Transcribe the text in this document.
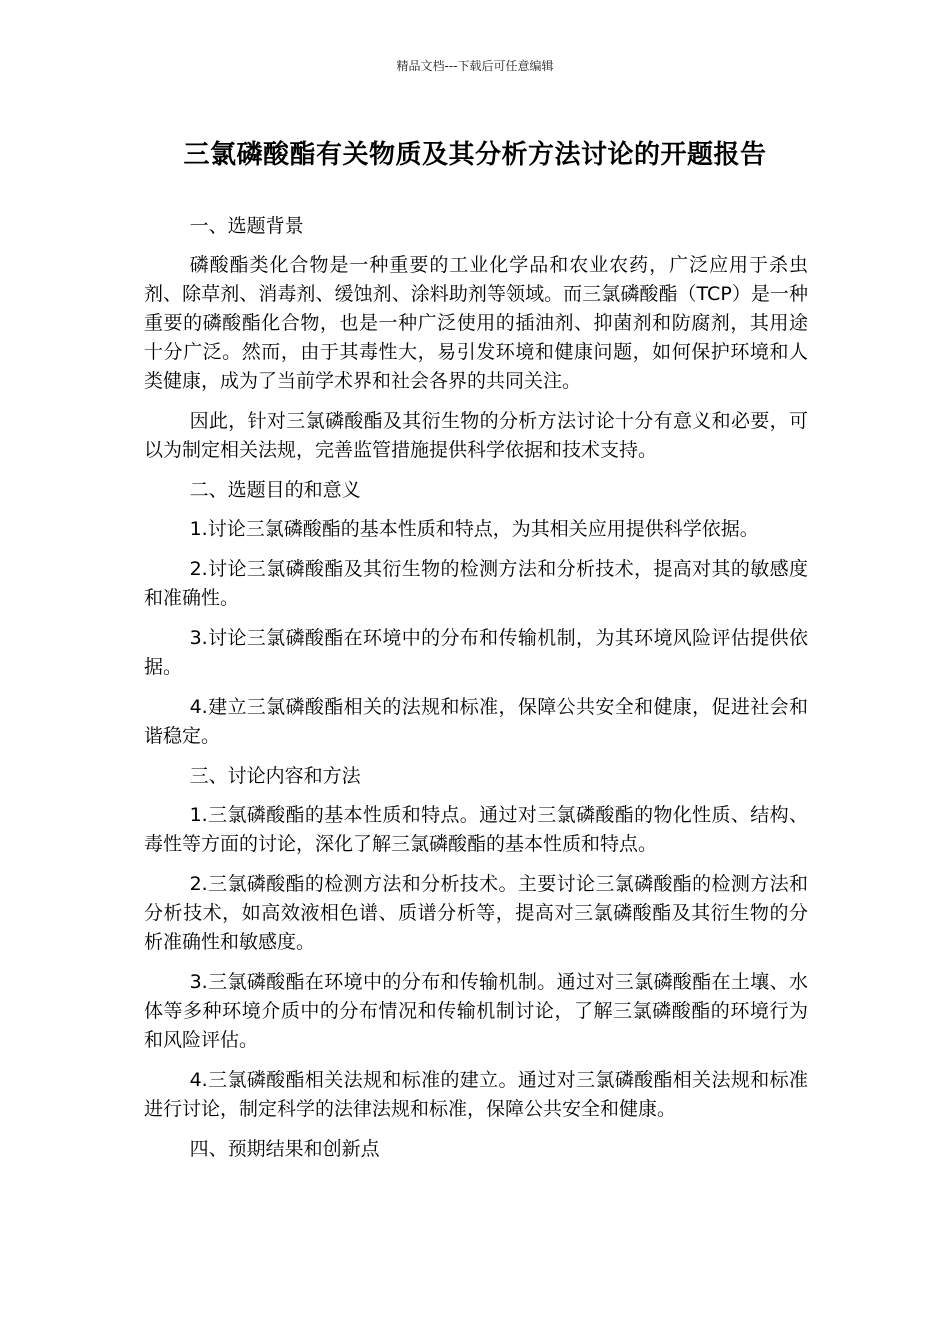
精品文档---下载后可任意编辑
三氯磷酸酯有关物质及其分析方法讨论的开题报告

一、选题背景

磷酸酯类化合物是一种重要的工业化学品和农业农药，广泛应用于杀虫剂、除草剂、消毒剂、缓蚀剂、涂料助剂等领域。而三氯磷酸酯（TCP）是一种重要的磷酸酯化合物，也是一种广泛使用的插油剂、抑菌剂和防腐剂，其用途十分广泛。然而，由于其毒性大，易引发环境和健康问题，如何保护环境和人类健康，成为了当前学术界和社会各界的共同关注。

因此，针对三氯磷酸酯及其衍生物的分析方法讨论十分有意义和必要，可以为制定相关法规，完善监管措施提供科学依据和技术支持。

二、选题目的和意义

1.讨论三氯磷酸酯的基本性质和特点，为其相关应用提供科学依据。

2.讨论三氯磷酸酯及其衍生物的检测方法和分析技术，提高对其的敏感度和准确性。

3.讨论三氯磷酸酯在环境中的分布和传输机制，为其环境风险评估提供依据。

4.建立三氯磷酸酯相关的法规和标准，保障公共安全和健康，促进社会和谐稳定。

三、讨论内容和方法

1.三氯磷酸酯的基本性质和特点。通过对三氯磷酸酯的物化性质、结构、毒性等方面的讨论，深化了解三氯磷酸酯的基本性质和特点。

2.三氯磷酸酯的检测方法和分析技术。主要讨论三氯磷酸酯的检测方法和分析技术，如高效液相色谱、质谱分析等，提高对三氯磷酸酯及其衍生物的分析准确性和敏感度。

3.三氯磷酸酯在环境中的分布和传输机制。通过对三氯磷酸酯在土壤、水体等多种环境介质中的分布情况和传输机制讨论，了解三氯磷酸酯的环境行为和风险评估。

4.三氯磷酸酯相关法规和标准的建立。通过对三氯磷酸酯相关法规和标准进行讨论，制定科学的法律法规和标准，保障公共安全和健康。

四、预期结果和创新点
